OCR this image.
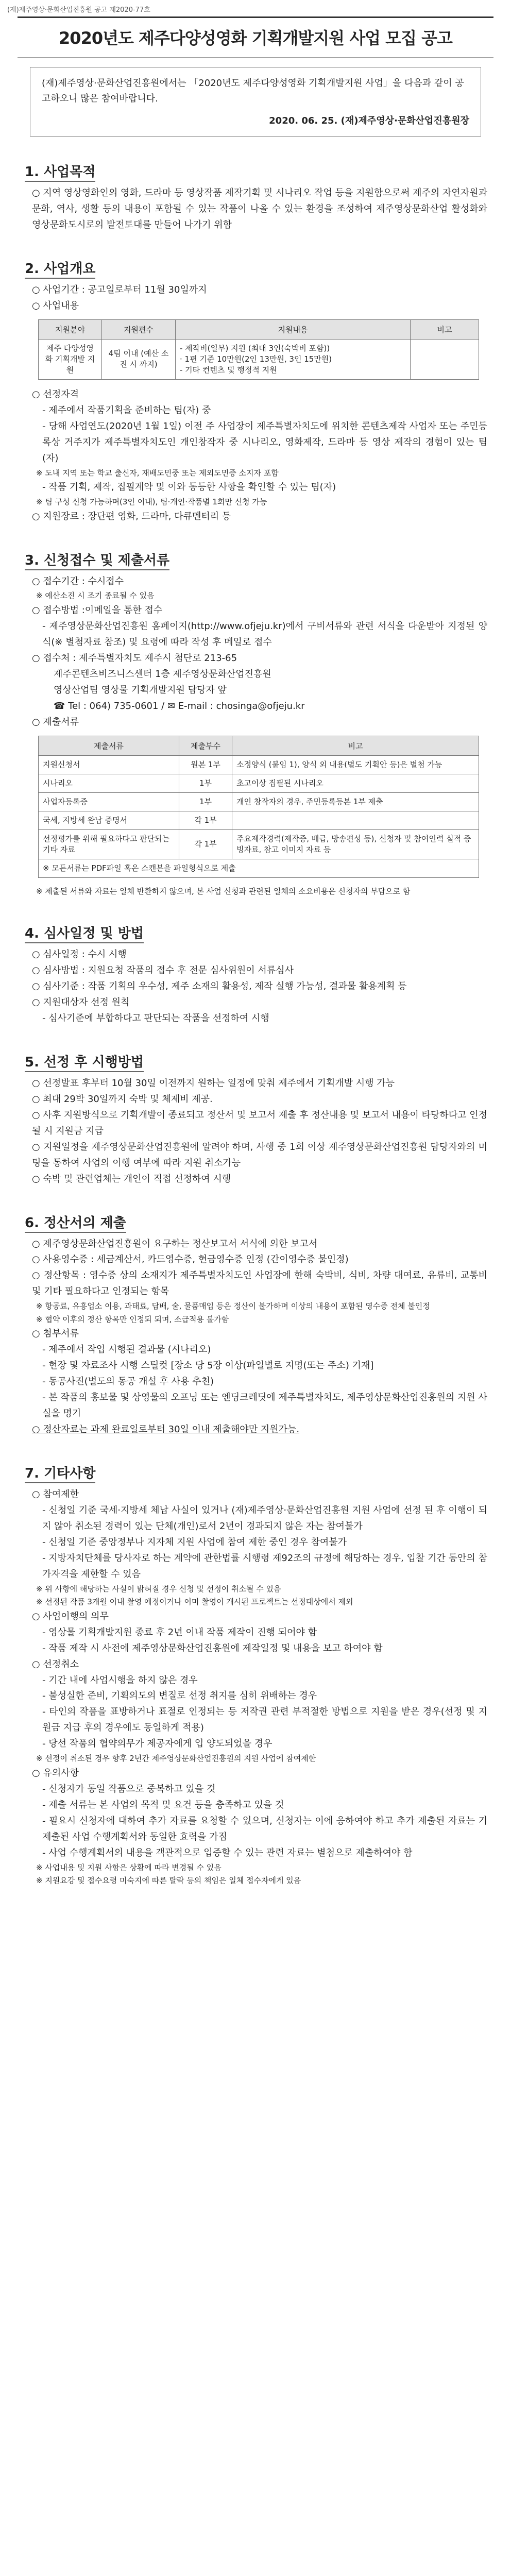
(재)제주영상·문화산업진흥원 공고 제2020-77호
2020년도 제주다양성영화 기획개발지원 사업 모집 공고
(재)제주영상·문화산업진흥원에서는 「2020년도 제주다양성영화 기획개발지원 사업」을 다음과 같이 공고하오니 많은 참여바랍니다.
2020. 06. 25. (재)제주영상·문화산업진흥원장
1. 사업목적
○ 지역 영상영화인의 영화, 드라마 등 영상작품 제작기획 및 시나리오 작업 등을 지원함으로써 제주의 자연자원과 문화, 역사, 생활 등의 내용이 포함될 수 있는 작품이 나올 수 있는 환경을 조성하여 제주영상문화산업 활성화와 영상문화도시로의 발전토대를 만들어 나가기 위함
2. 사업개요
○ 사업기간 : 공고일로부터 11월 30일까지
○ 사업내용
지원분야	지원편수	지원내용	비고
제주 다양성영화 기획개발 지원	4팀 이내 (예산 소진 시 까지)	- 제작비(일부) 지원 (최대 3인(숙박비 포함))
· 1편 기준 10만원(2인 13만원, 3인 15만원)
- 기타 컨텐츠 및 행정적 지원	

○ 선정자격
- 제주에서 작품기획을 준비하는 팀(자) 중
- 당해 사업연도(2020년 1월 1일) 이전 주 사업장이 제주특별자치도에 위치한 콘텐츠제작 사업자 또는 주민등록상 거주지가 제주특별자치도인 개인창작자 중 시나리오, 영화제작, 드라마 등 영상 제작의 경험이 있는 팀(자)
※ 도내 지역 또는 학교 출신자, 재배도민중 또는 제외도민증 소지자 포함
- 작품 기획, 제작, 집필계약 및 이와 동등한 사항을 확인할 수 있는 팀(자)
※ 팀 구성 신청 가능하며(3인 이내), 팀·개인·작품별 1회만 신청 가능
○ 지원장르 : 장단편 영화, 드라마, 다큐멘터리 등
3. 신청접수 및 제출서류
○ 접수기간 : 수시접수
※ 예산소진 시 조기 종료될 수 있음
○ 접수방법 :이메일을 통한 접수
- 제주영상문화산업진흥원 홈페이지(http://www.ofjeju.kr)에서 구비서류와 관련 서식을 다운받아 지정된 양식(※ 별첨자료 참조) 및 요령에 따라 작성 후 메일로 접수
○ 접수처 : 제주특별자치도 제주시 첨단로 213-65
제주콘텐츠비즈니스센터 1층 제주영상문화산업진흥원
영상산업팀 영상물 기획개발지원 담당자 앞
☎ Tel : 064) 735-0601 / ✉ E-mail : chosinga@ofjeju.kr
○ 제출서류
제출서류	제출부수	비고
지원신청서	원본 1부	소정양식 (붙임 1), 양식 외 내용(별도 기획안 등)은 별첨 가능
시나리오	1부	초고이상 집필된 시나리오
사업자등록증	1부	개인 창작자의 경우, 주민등록등본 1부 제출
국세, 지방세 완납 증명서	각 1부	
선정평가를 위해 필요하다고 판단되는 기타 자료	각 1부	주요제작경력(제작증, 배급, 방송편성 등), 신청자 및 참여인력 실적 증빙자료, 참고 이미지 자료 등
※ 모든서류는 PDF파일 혹은 스캔본을 파일형식으로 제출		
※ 제출된 서류와 자료는 일체 반환하지 않으며, 본 사업 신청과 관련된 일체의 소요비용은 신청자의 부담으로 함
4. 심사일정 및 방법
○ 심사일정 : 수시 시행
○ 심사방법 : 지원요청 작품의 접수 후 전문 심사위원이 서류심사
○ 심사기준 : 작품 기획의 우수성, 제주 소재의 활용성, 제작 실행 가능성, 결과물 활용계획 등
○ 지원대상자 선정 원칙
- 심사기준에 부합하다고 판단되는 작품을 선정하여 시행
5. 선정 후 시행방법
○ 선정발표 후부터 10월 30일 이전까지 원하는 일정에 맞춰 제주에서 기획개발 시행 가능
○ 최대 29박 30일까지 숙박 및 체제비 제공.
○ 사후 지원방식으로 기획개발이 종료되고 정산서 및 보고서 제출 후 정산내용 및 보고서 내용이 타당하다고 인정 될 시 지원금 지급
○ 지원일정을 제주영상문화산업진흥원에 알려야 하며, 사행 중 1회 이상 제주영상문화산업진흥원 담당자와의 미팅을 통하여 사업의 이행 여부에 따라 지원 취소가능
○ 숙박 및 관련업체는 개인이 직접 선정하여 시행
6. 정산서의 제출
○ 제주영상문화산업진흥원이 요구하는 정산보고서 서식에 의한 보고서
○ 사용영수증 : 세금계산서, 카드영수증, 현금영수증 인정 (간이영수증 불인정)
○ 정산항목 : 영수증 상의 소재지가 제주특별자치도인 사업장에 한해 숙박비, 식비, 차량 대여료, 유류비, 교통비 및 기타 필요하다고 인정되는 항목
※ 항공료, 유흥업소 이용, 과태료, 담배, 술, 물품매입 등은 정산이 불가하며 이상의 내용이 포함된 영수증 전체 불인정
※ 협약 이후의 정산 항목만 인정되 되며, 소급적용 불가함
○ 첨부서류
- 제주에서 작업 시행된 결과물 (시나리오)
- 현장 및 자료조사 시행 스틸컷 [장소 당 5장 이상(파일별로 지명(또는 주소) 기재]
- 동공사진(별도의 동공 개설 후 사용 추천)
- 본 작품의 홍보물 및 상영물의 오프닝 또는 엔딩크레딧에 제주특별자치도, 제주영상문화산업진흥원의 지원 사실을 명기
○ 정산자료는 과제 완료일로부터 30일 이내 제출해야만 지원가능.
7. 기타사항
○ 참여제한
- 신청일 기준 국세·지방세 체납 사실이 있거나 (재)제주영상·문화산업진흥원 지원 사업에 선정 된 후 이행이 되지 않아 취소된 경력이 있는 단체(개인)로서 2년이 경과되지 않은 자는 참여불가
- 신청일 기준 중앙정부나 지자체 지원 사업에 참여 제한 중인 경우 참여불가
- 지방자치단체를 당사자로 하는 계약에 관한법률 시행령 제92조의 규정에 해당하는 경우, 입찰 기간 동안의 참가자격을 제한할 수 있음
※ 위 사항에 해당하는 사실이 밝혀질 경우 신청 및 선정이 취소될 수 있음
※ 선정된 작품 3개월 이내 촬영 예정이거나 이미 촬영이 개시된 프로젝트는 선정대상에서 제외
○ 사업이행의 의무
- 영상물 기획개발지원 종료 후 2년 이내 작품 제작이 진행 되어야 함
- 작품 제작 시 사전에 제주영상문화산업진흥원에 제작일정 및 내용을 보고 하여야 함
○ 선정취소
- 기간 내에 사업시행을 하지 않은 경우
- 불성실한 준비, 기획의도의 변질로 선정 취지를 심히 위배하는 경우
- 타인의 작품을 표방하거나 표절로 인정되는 등 저작권 관련 부적절한 방법으로 지원을 받은 경우(선정 및 지원금 지급 후의 경우에도 동일하게 적용)
- 당선 작품의 협약의무가 제공자에게 입 양도되었을 경우
※ 선정이 취소된 경우 향후 2년간 제주영상문화산업진흥원의 지원 사업에 참여제한
○ 유의사항
- 신청자가 동일 작품으로 중복하고 있을 것
- 제출 서류는 본 사업의 목적 및 요건 등을 충족하고 있을 것
- 필요시 신청자에 대하여 추가 자료를 요청할 수 있으며, 신청자는 이에 응하여야 하고 추가 제출된 자료는 기 제출된 사업 수행계획서와 동일한 효력을 가짐
- 사업 수행계획서의 내용을 객관적으로 입증할 수 있는 관련 자료는 별첨으로 제출하여야 함
※ 사업내용 및 지원 사항은 상황에 따라 변경될 수 있음
※ 지원요강 및 접수요령 미숙지에 따른 탈락 등의 책임은 일체 접수자에게 있음
